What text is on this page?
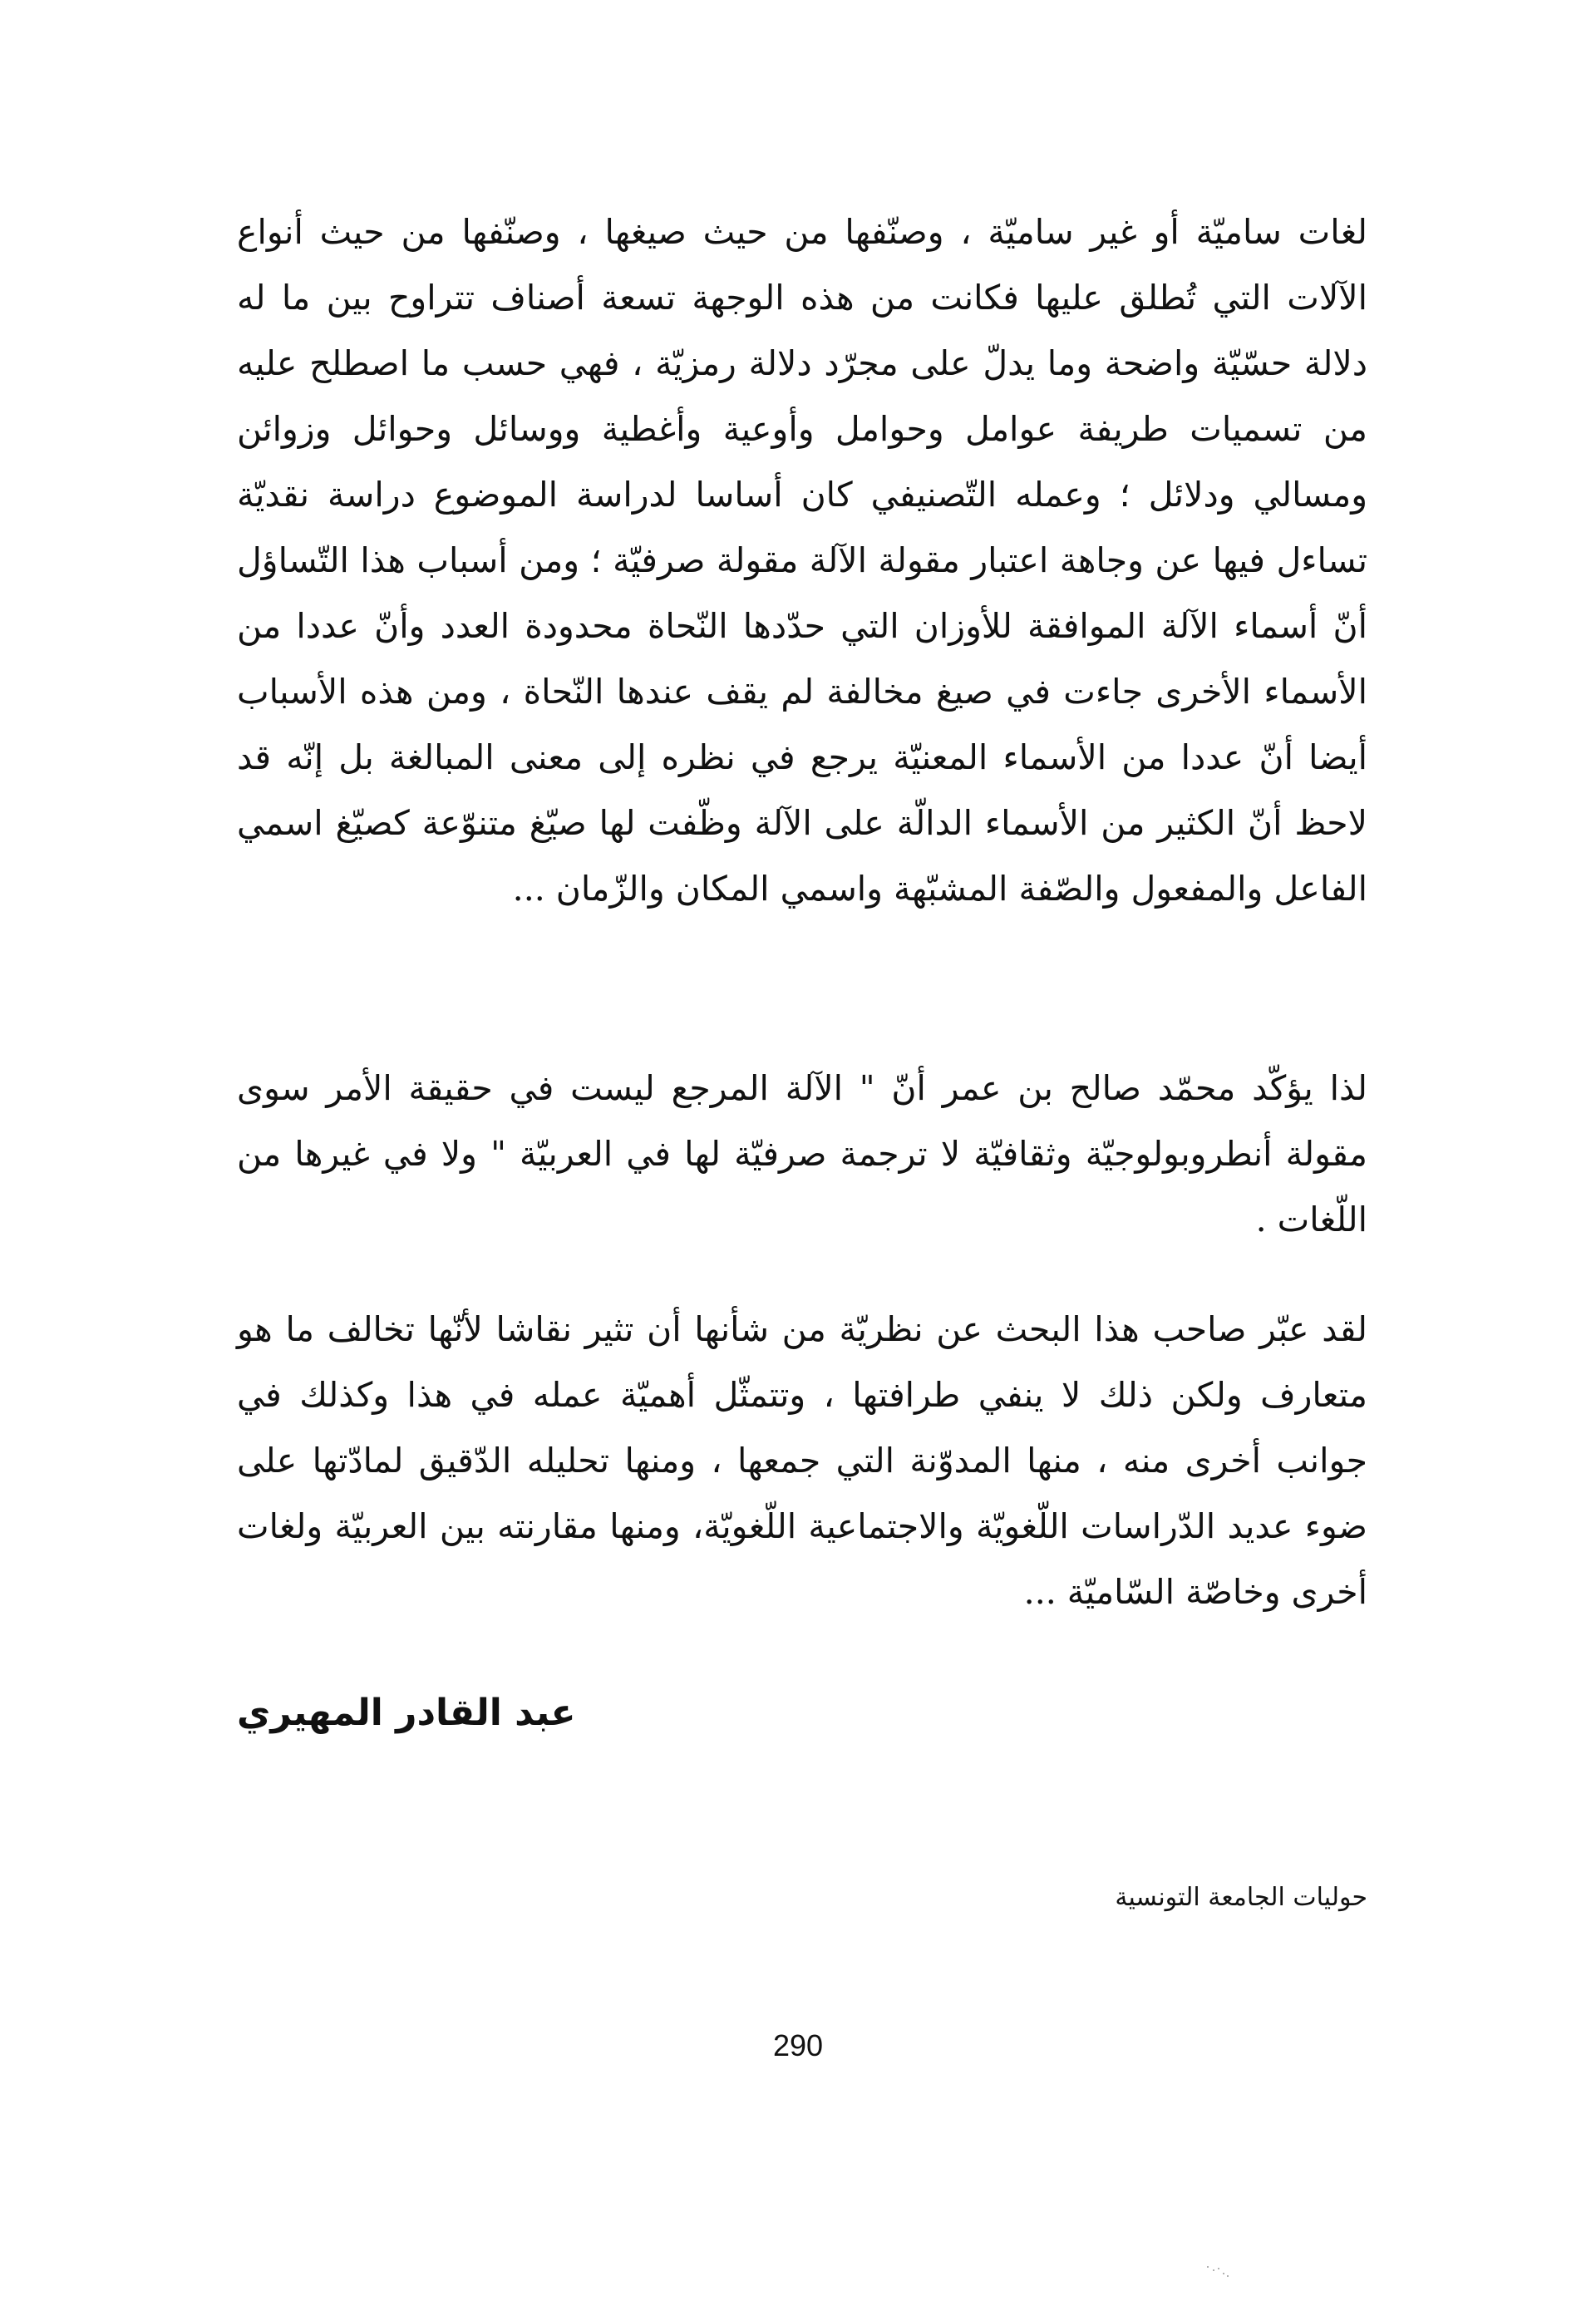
لغات ساميّة أو غير ساميّة ، وصنّفها من حيث صيغها ، وصنّفها من حيث أنواع الآلات التي تُطلق عليها فكانت من هذه الوجهة تسعة أصناف تتراوح بين ما له دلالة حسّيّة واضحة وما يدلّ على مجرّد دلالة رمزيّة ، فهي حسب ما اصطلح عليه من تسميات طريفة عوامل وحوامل وأوعية وأغطية ووسائل وحوائل وزوائن ومسالي ودلائل ؛ وعمله التّصنيفي كان أساسا لدراسة الموضوع دراسة نقديّة تساءل فيها عن وجاهة اعتبار مقولة الآلة مقولة صرفيّة ؛ ومن أسباب هذا التّساؤل أنّ أسماء الآلة الموافقة للأوزان التي حدّدها النّحاة محدودة العدد وأنّ عددا من الأسماء الأخرى جاءت في صيغ مخالفة لم يقف عندها النّحاة ، ومن هذه الأسباب أيضا أنّ عددا من الأسماء المعنيّة يرجع في نظره إلى معنى المبالغة بل إنّه قد لاحظ أنّ الكثير من الأسماء الدالّة على الآلة وظّفت لها صيّغ متنوّعة كصيّغ اسمي الفاعل والمفعول والصّفة المشبّهة واسمي المكان والزّمان ...

لذا يؤكّد محمّد صالح بن عمر أنّ " الآلة المرجع ليست في حقيقة الأمر سوى مقولة أنطروبولوجيّة وثقافيّة لا ترجمة صرفيّة لها في العربيّة " ولا في غيرها من اللّغات .

لقد عبّر صاحب هذا البحث عن نظريّة من شأنها أن تثير نقاشا لأنّها تخالف ما هو متعارف ولكن ذلك لا ينفي طرافتها ، وتتمثّل أهميّة عمله في هذا وكذلك في جوانب أخرى منه ، منها المدوّنة التي جمعها ، ومنها تحليله الدّقيق لمادّتها على ضوء عديد الدّراسات اللّغويّة والاجتماعية اللّغويّة، ومنها مقارنته بين العربيّة ولغات أخرى وخاصّة السّاميّة ...

عبد القادر المهيري

حوليات الجامعة التونسية

290
